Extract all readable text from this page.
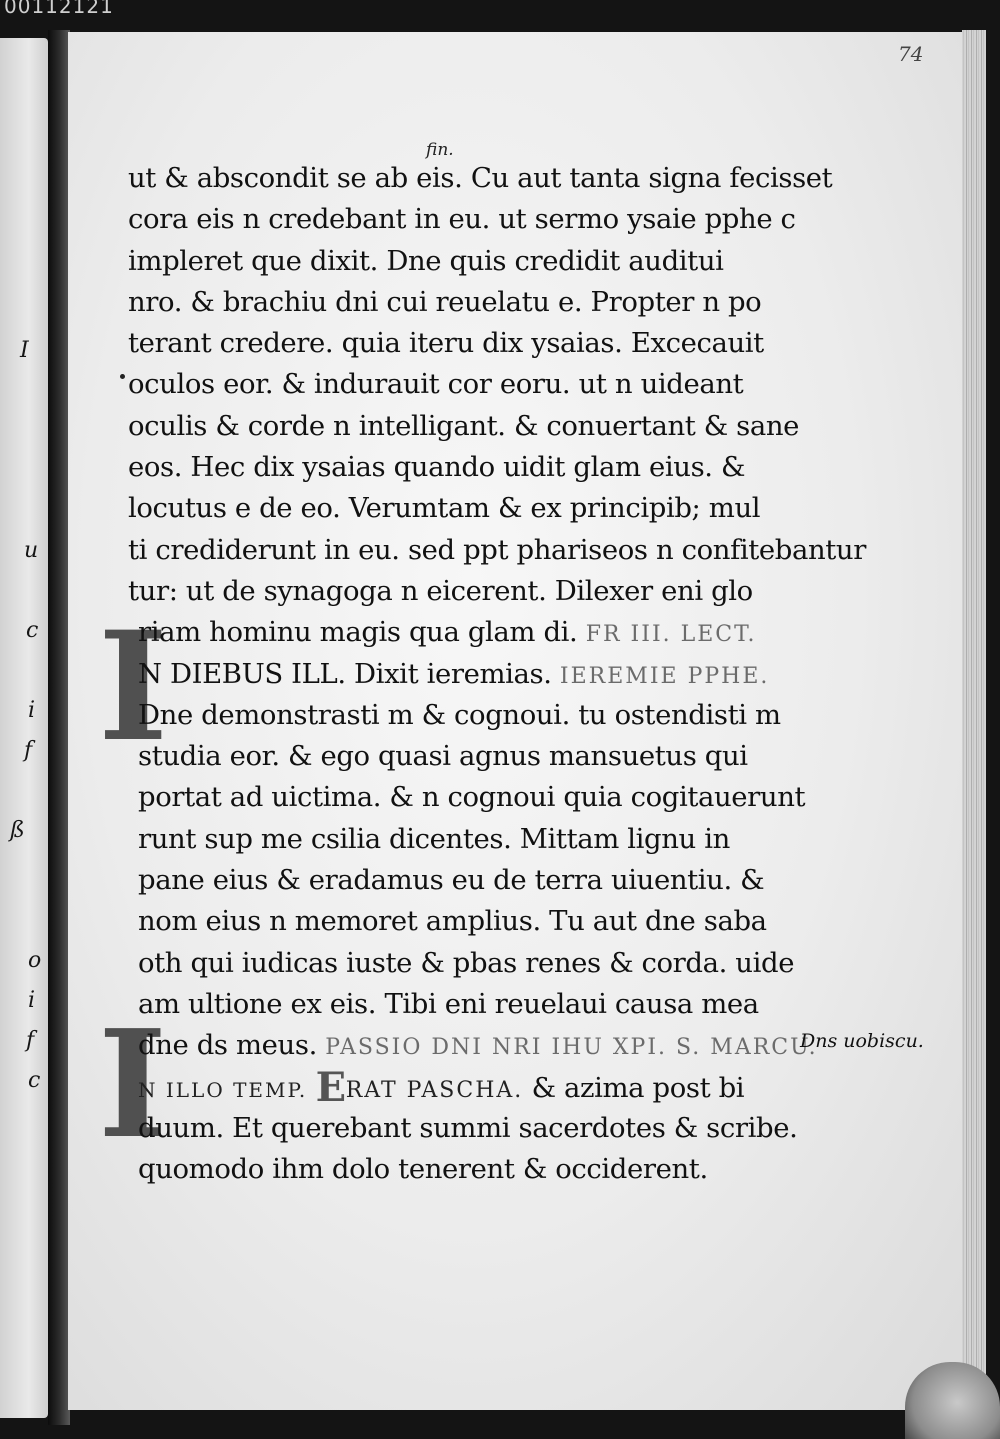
00112121
I
u
c
i
f
ß
o
i
f
c
74
fin.
I
I
ut & abscondit se ab eis. Cu aut tanta signa fecisset
cora eis n credebant in eu. ut sermo ysaie pphe c
impleret que dixit. Dne quis credidit auditui
nro. & brachiu dni cui reuelatu e. Propter n po
terant credere. quia iteru dix ysaias. Excecauit
oculos eor. & indurauit cor eoru. ut n uideant
oculis & corde n intelligant. & conuertant & sane
eos. Hec dix ysaias quando uidit glam eius. &
locutus e de eo. Verumtam & ex principib; mul
ti crediderunt in eu. sed ppt phariseos n confitebantur
tur: ut de synagoga n eicerent. Dilexer eni glo
riam hominu magis qua glam di. FR III. LECT.
N DIEBUS ILL. Dixit ieremias. IEREMIE PPHE.
Dne demonstrasti m & cognoui. tu ostendisti m
studia eor. & ego quasi agnus mansuetus qui
portat ad uictima. & n cognoui quia cogitauerunt
runt sup me csilia dicentes. Mittam lignu in
pane eius & eradamus eu de terra uiuentiu. &
nom eius n memoret amplius. Tu aut dne saba
oth qui iudicas iuste & pbas renes & corda. uide
am ultione ex eis. Tibi eni reuelaui causa mea
dne ds meus. PASSIO DNI NRI IHU XPI. S. MARCU.
N ILLO TEMP. ERAT PASCHA. & azima post bi
duum. Et querebant summi sacerdotes & scribe.
quomodo ihm dolo tenerent & occiderent.
Dns uobiscu.
